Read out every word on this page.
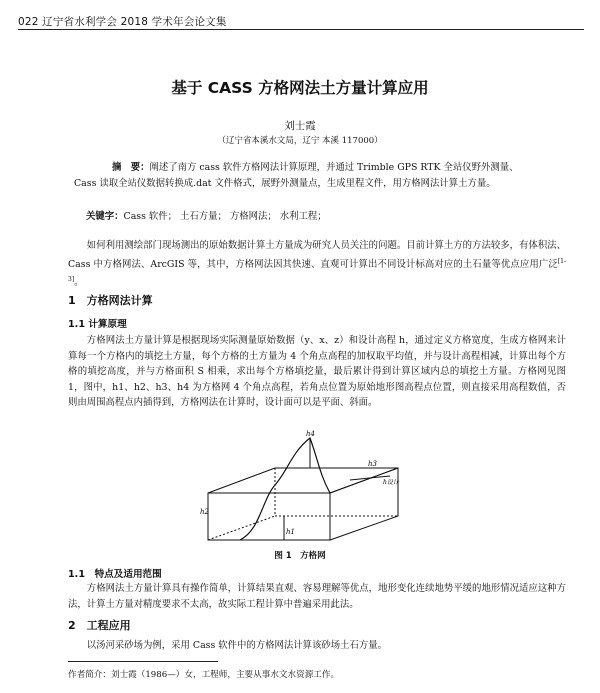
022 辽宁省水利学会 2018 学术年会论文集
基于 CASS 方格网法土方量计算应用
刘士霞
（辽宁省本溪水文局，辽宁 本溪 117000）
摘　要：阐述了南方 cass 软件方格网法计算原理，并通过 Trimble GPS RTK 全站仪野外测量、Cass 读取全站仪数据转换成.dat 文件格式，展野外测量点，生成里程文件，用方格网法计算土方量。
关键字：Cass 软件； 土石方量； 方格网法； 水利工程；
如何利用测绘部门现场测出的原始数据计算土方量成为研究人员关注的问题。目前计算土方的方法较多，有体积法、Cass 中方格网法、ArcGIS 等，其中，方格网法因其快速、直观可计算出不同设计标高对应的土石量等优点应用广泛[1-3]。
1　方格网法计算
1.1 计算原理
方格网法土方量计算是根据现场实际测量原始数据（y、x、z）和设计高程 h，通过定义方格宽度，生成方格网来计算每一个方格内的填挖土方量，每个方格的土方量为 4 个角点高程的加权取平均值，并与设计高程相减，计算出每个方格的填挖高度，并与方格面积 S 相乘，求出每个方格填挖量，最后累计得到计算区域内总的填挖土方量。方格网见图 1，图中，h1、h2、h3、h4 为方格网 4 个角点高程，若角点位置为原始地形图高程点位置，则直接采用高程数值，否则由周围高程点内插得到，方格网法在计算时，设计面可以是平面、斜面。
h4
h3
h设计
h2
h1
图 1　方格网
1.1　特点及适用范围
方格网法土方量计算具有操作简单，计算结果直观、容易理解等优点，地形变化连续地势平缓的地形情况适应这种方法，计算土方量对精度要求不太高，故实际工程计算中普遍采用此法。
2　工程应用
以汤河采砂场为例，采用 Cass 软件中的方格网法计算该砂场土石方量。
作者简介：刘士霞（1986—）女，工程师，主要从事水文水资源工作。
